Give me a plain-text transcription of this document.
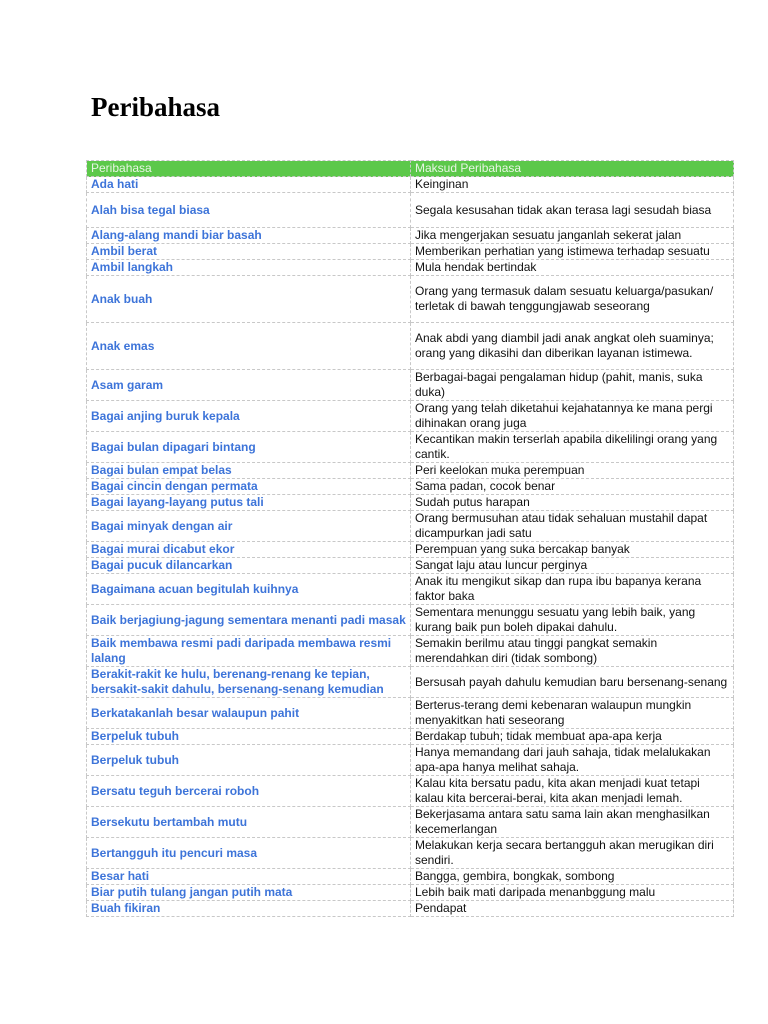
Peribahasa
Peribahasa	Maksud Peribahasa
Ada hati	Keinginan
Alah bisa tegal biasa	Segala kesusahan tidak akan terasa lagi sesudah biasa
Alang-alang mandi biar basah	Jika mengerjakan sesuatu janganlah sekerat jalan
Ambil berat	Memberikan perhatian yang istimewa terhadap sesuatu
Ambil langkah	Mula hendak bertindak
Anak buah	Orang yang termasuk dalam sesuatu keluarga/pasukan/ terletak di bawah tenggungjawab seseorang
Anak emas	Anak abdi yang diambil jadi anak angkat oleh suaminya; orang yang dikasihi dan diberikan layanan istimewa.
Asam garam	Berbagai-bagai pengalaman hidup (pahit, manis, suka duka)
Bagai anjing buruk kepala	Orang yang telah diketahui kejahatannya ke mana pergi dihinakan orang juga
Bagai bulan dipagari bintang	Kecantikan makin terserlah apabila dikelilingi orang yang cantik.
Bagai bulan empat belas	Peri keelokan muka perempuan
Bagai cincin dengan permata	Sama padan, cocok benar
Bagai layang-layang putus tali	Sudah putus harapan
Bagai minyak dengan air	Orang bermusuhan atau tidak sehaluan mustahil dapat dicampurkan jadi satu
Bagai murai dicabut ekor	Perempuan yang suka bercakap banyak
Bagai pucuk dilancarkan	Sangat laju atau luncur perginya
Bagaimana acuan begitulah kuihnya	Anak itu mengikut sikap dan rupa ibu bapanya kerana faktor baka
Baik berjagiung-jagung sementara menanti padi masak	Sementara menunggu sesuatu yang lebih baik, yang kurang baik pun boleh dipakai dahulu.
Baik membawa resmi padi daripada membawa resmi lalang	Semakin berilmu atau tinggi pangkat semakin merendahkan diri (tidak sombong)
Berakit-rakit ke hulu, berenang-renang ke tepian, bersakit-sakit dahulu, bersenang-senang kemudian	Bersusah payah dahulu kemudian baru bersenang-senang
Berkatakanlah besar walaupun pahit	Berterus-terang demi kebenaran walaupun mungkin menyakitkan hati seseorang
Berpeluk tubuh	Berdakap tubuh; tidak membuat apa-apa kerja
Berpeluk tubuh	Hanya memandang dari jauh sahaja, tidak melalukakan apa-apa hanya melihat sahaja.
Bersatu teguh bercerai roboh	Kalau kita bersatu padu, kita akan menjadi kuat tetapi kalau kita bercerai-berai, kita akan menjadi lemah.
Bersekutu bertambah mutu	Bekerjasama antara satu sama lain akan menghasilkan kecemerlangan
Bertangguh itu pencuri masa	Melakukan kerja secara bertangguh akan merugikan diri sendiri.
Besar hati	Bangga, gembira, bongkak, sombong
Biar putih tulang jangan putih mata	Lebih baik mati daripada menanbggung malu
Buah fikiran	Pendapat
